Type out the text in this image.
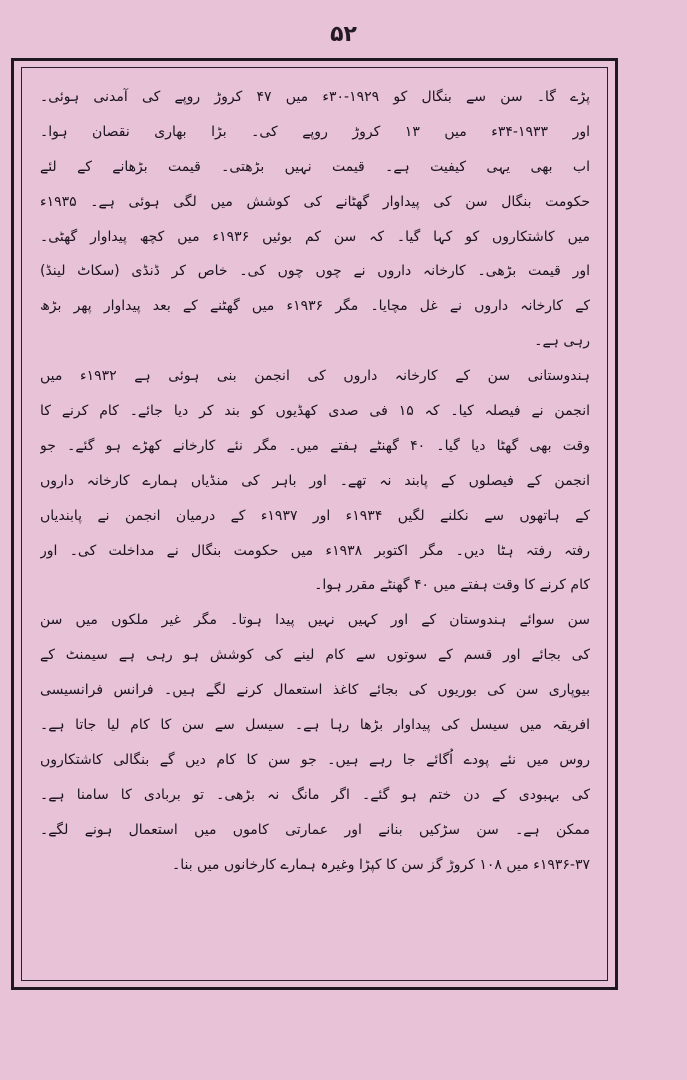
۵۲
پڑے گا۔ سن سے بنگال کو ۱۹۲۹-۳۰ء میں ۴۷ کروڑ روپے کی آمدنی ہوئی۔
اور ۱۹۳۳-۳۴ء میں ۱۳ کروڑ روپے کی۔ بڑا بھاری نقصان ہوا۔
اب بھی یہی کیفیت ہے۔ قیمت نہیں بڑھتی۔ قیمت بڑھانے کے لئے
حکومت بنگال سن کی پیداوار گھٹانے کی کوشش میں لگی ہوئی ہے۔ ۱۹۳۵ء
میں کاشتکاروں کو کہا گیا۔ کہ سن کم بوئیں ۱۹۳۶ء میں کچھ پیداوار گھٹی۔
اور قیمت بڑھی۔ کارخانہ داروں نے چوں چوں کی۔ خاص کر ڈنڈی (سکاٹ لینڈ)
کے کارخانہ داروں نے غل مچایا۔ مگر ۱۹۳۶ء میں گھٹنے کے بعد پیداوار پھر بڑھ
رہی ہے۔
ہندوستانی سن کے کارخانہ داروں کی انجمن بنی ہوئی ہے ۱۹۳۲ء میں
انجمن نے فیصلہ کیا۔ کہ ۱۵ فی صدی کھڈیوں کو بند کر دیا جائے۔ کام کرنے کا
وقت بھی گھٹا دیا گیا۔ ۴۰ گھنٹے ہفتے میں۔ مگر نئے کارخانے کھڑے ہو گئے۔ جو
انجمن کے فیصلوں کے پابند نہ تھے۔ اور باہر کی منڈیاں ہمارے کارخانہ داروں
کے ہاتھوں سے نکلنے لگیں ۱۹۳۴ء اور ۱۹۳۷ء کے درمیان انجمن نے پابندیاں
رفتہ رفتہ ہٹا دیں۔ مگر اکتوبر ۱۹۳۸ء میں حکومت بنگال نے مداخلت کی۔ اور
کام کرنے کا وقت ہفتے میں ۴۰ گھنٹے مقرر ہوا۔
سن سوائے ہندوستان کے اور کہیں نہیں پیدا ہوتا۔ مگر غیر ملکوں میں سن
کی بجائے اور قسم کے سوتوں سے کام لینے کی کوشش ہو رہی ہے سیمنٹ کے
بیوپاری سن کی بوریوں کی بجائے کاغذ استعمال کرنے لگے ہیں۔ فرانس فرانسیسی
افریقہ میں سیسل کی پیداوار بڑھا رہا ہے۔ سیسل سے سن کا کام لیا جاتا ہے۔
روس میں نئے پودے اُگائے جا رہے ہیں۔ جو سن کا کام دیں گے بنگالی کاشتکاروں
کی بہبودی کے دن ختم ہو گئے۔ اگر مانگ نہ بڑھی۔ تو بربادی کا سامنا ہے۔
ممکن ہے۔ سن سڑکیں بنانے اور عمارتی کاموں میں استعمال ہونے لگے۔
۱۹۳۶-۳۷ء میں ۱۰۸ کروڑ گز سن کا کپڑا وغیرہ ہمارے کارخانوں میں بنا۔
